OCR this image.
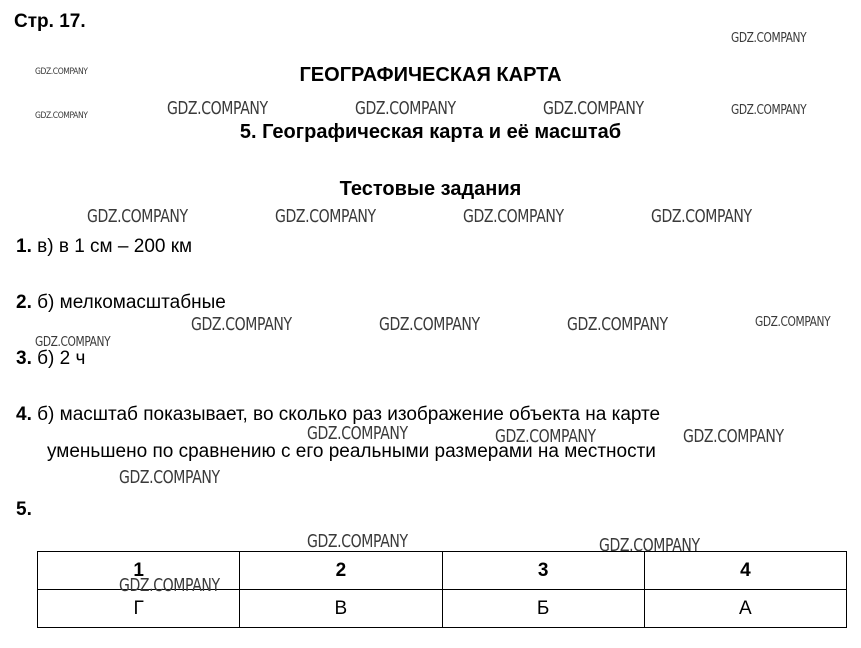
Стр. 17.
ГЕОГРАФИЧЕСКАЯ КАРТА
5. Географическая карта и её масштаб
Тестовые задания
1. в) в 1 см – 200 км
2. б) мелкомасштабные
3. б) 2 ч
4. б) масштаб показывает, во сколько раз изображение объекта на карте
уменьшено по сравнению с его реальными размерами на местности
5.
1	2	3	4
Г	В	Б	А
GDZ.COMPANY
GDZ.COMPANY
GDZ.COMPANY	GDZ.COMPANY	GDZ.COMPANY	GDZ.COMPANY	GDZ.COMPANY
GDZ.COMPANY	GDZ.COMPANY	GDZ.COMPANY	GDZ.COMPANY
GDZ.COMPANY	GDZ.COMPANY	GDZ.COMPANY	GDZ.COMPANY
GDZ.COMPANY
GDZ.COMPANY	GDZ.COMPANY	GDZ.COMPANY
GDZ.COMPANY
GDZ.COMPANY	GDZ.COMPANY
GDZ.COMPANY
